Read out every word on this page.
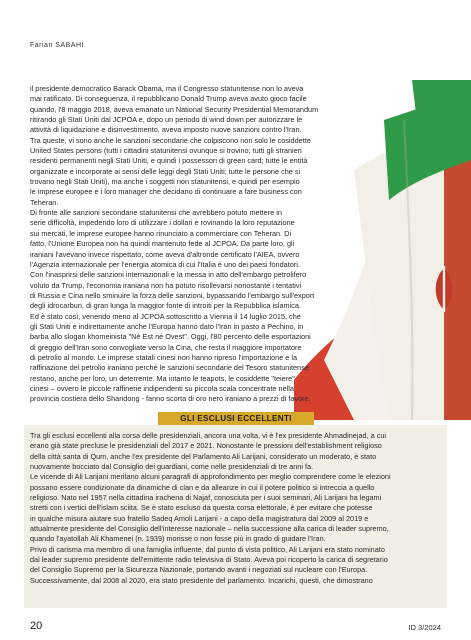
Farian SABAHI
il presidente democratico Barack Obama, ma il Congresso statunitense non lo aveva
mai ratificato. Di conseguenza, il repubblicano Donald Trump aveva avuto gioco facile
quando, l'8 maggio 2018, aveva emanato un National Security Presidential Memorandum
ritirando gli Stati Uniti dal JCPOA e, dopo un periodo di wind down per autorizzare le
attività di liquidazione e disinvestimento, aveva imposto nuove sanzioni contro l'Iran.
Tra queste, vi sono anche le sanzioni secondarie che colpiscono non solo le cosiddette
United States persons (tutti i cittadini statunitensi ovunque si trovino; tutti gli stranieri
residenti permanenti negli Stati Uniti, e quindi i possessori di green card; tutte le entità
organizzate e incorporate ai sensi delle leggi degli Stati Uniti; tutte le persone che si
trovano negli Stati Uniti), ma anche i soggetti non statunitensi, e quindi per esempio
le imprese europee e i loro manager che decidano di continuare a fare business con
Teheran.
Di fronte alle sanzioni secondarie statunitensi che avrebbero potuto mettere in
serie difficoltà, impedendo loro di utilizzare i dollari e rovinando la loro reputazione
sui mercati, le imprese europee hanno rinunciato a commerciare con Teheran. Di
fatto, l'Unione Europea non ha quindi mantenuto fede al JCPOA. Da parte loro, gli
iraniani l'avevano invece rispettato, come aveva d'altronde certificato l'AIEA, ovvero
l'Agenzia internazionale per l'energia atomica di cui l'Italia è uno dei paesi fondatori.
Con l'inasprirsi delle sanzioni internazionali e la messa in atto dell'embargo petrolifero
voluto da Trump, l'economia iraniana non ha potuto risollevarsi nonostante i tentativi
di Russia e Cina nello sminuire la forza delle sanzioni, bypassando l'embargo sull'export
degli idrocarburi, di gran lunga la maggior fonte di introiti per la Repubblica islamica.
Ed è stato così, venendo meno al JCPOA sottoscritto a Vienna il 14 luglio 2015, che
gli Stati Uniti e indirettamente anche l'Europa hanno dato l'Iran in pasto a Pechino, in
barba allo slogan khomeinista "Né Est né Ovest". Oggi, l'80 percento delle esportazioni
di greggio dell'Iran sono convogliate verso la Cina, che resta il maggiore importatore
di petrolio al mondo. Le imprese statali cinesi non hanno ripreso l'importazione e la
raffinazione del petrolio iraniano perché le sanzioni secondarie del Tesoro statunitense
restano, anche per loro, un deterrente. Ma intanto le teapots, le cosiddette "teiere"
cinesi – ovvero le piccole raffinerie indipendenti su piccola scala concentrate nella
provincia costiera dello Shandong - fanno scorta di oro nero iraniano a prezzi di favore.
GLI ESCLUSI ECCELLENTI
Tra gli esclusi eccellenti alla corsa delle presidenziali, ancora una volta, vi è l'ex presidente Ahmadinejad, a cui
erano già state precluse le presidenziali del 2017 e 2021. Nonostante le pressioni dell'establishment religioso
della città santa di Qum, anche l'ex presidente del Parlamento Ali Larijani, considerato un moderato, è stato
nuovamente bocciato dal Consiglio dei guardiani, come nelle presidenziali di tre anni fa.
Le vicende di Ali Larijani meritano alcuni paragrafi di approfondimento per meglio comprendere come le elezioni
possano essere condizionate da dinamiche di clan e da alleanze in cui il potere politico si intreccia a quello
religioso. Nato nel 1957 nella cittadina irachena di Najaf, conosciuta per i suoi seminari, Ali Larijani ha legami
stretti con i vertici dell'islam sciita. Se è stato escluso da questa corsa elettorale, è per evitare che potesse
in qualche misura aiutare suo fratello Sadeq Amoli Larijani - a capo della magistratura dal 2009 al 2019 e
attualmente presidente del Consiglio dell'interesse nazionale – nella successione alla carica di leader supremo,
quando l'ayatollah Ali Khamenei (n. 1939) morisse o non fosse più in grado di guidare l'Iran.
Privo di carisma ma membro di una famiglia influente, dal punto di vista politico, Ali Larijani era stato nominato
dal leader supremo presidente dell'emittente radio televisiva di Stato. Aveva poi ricoperto la carica di segretario
del Consiglio Supremo per la Sicurezza Nazionale, portando avanti i negoziati sul nucleare con l'Europa.
Successivamente, dal 2008 al 2020, era stato presidente del parlamento. Incarichi, questi, che dimostrano
20	ID 3/2024
